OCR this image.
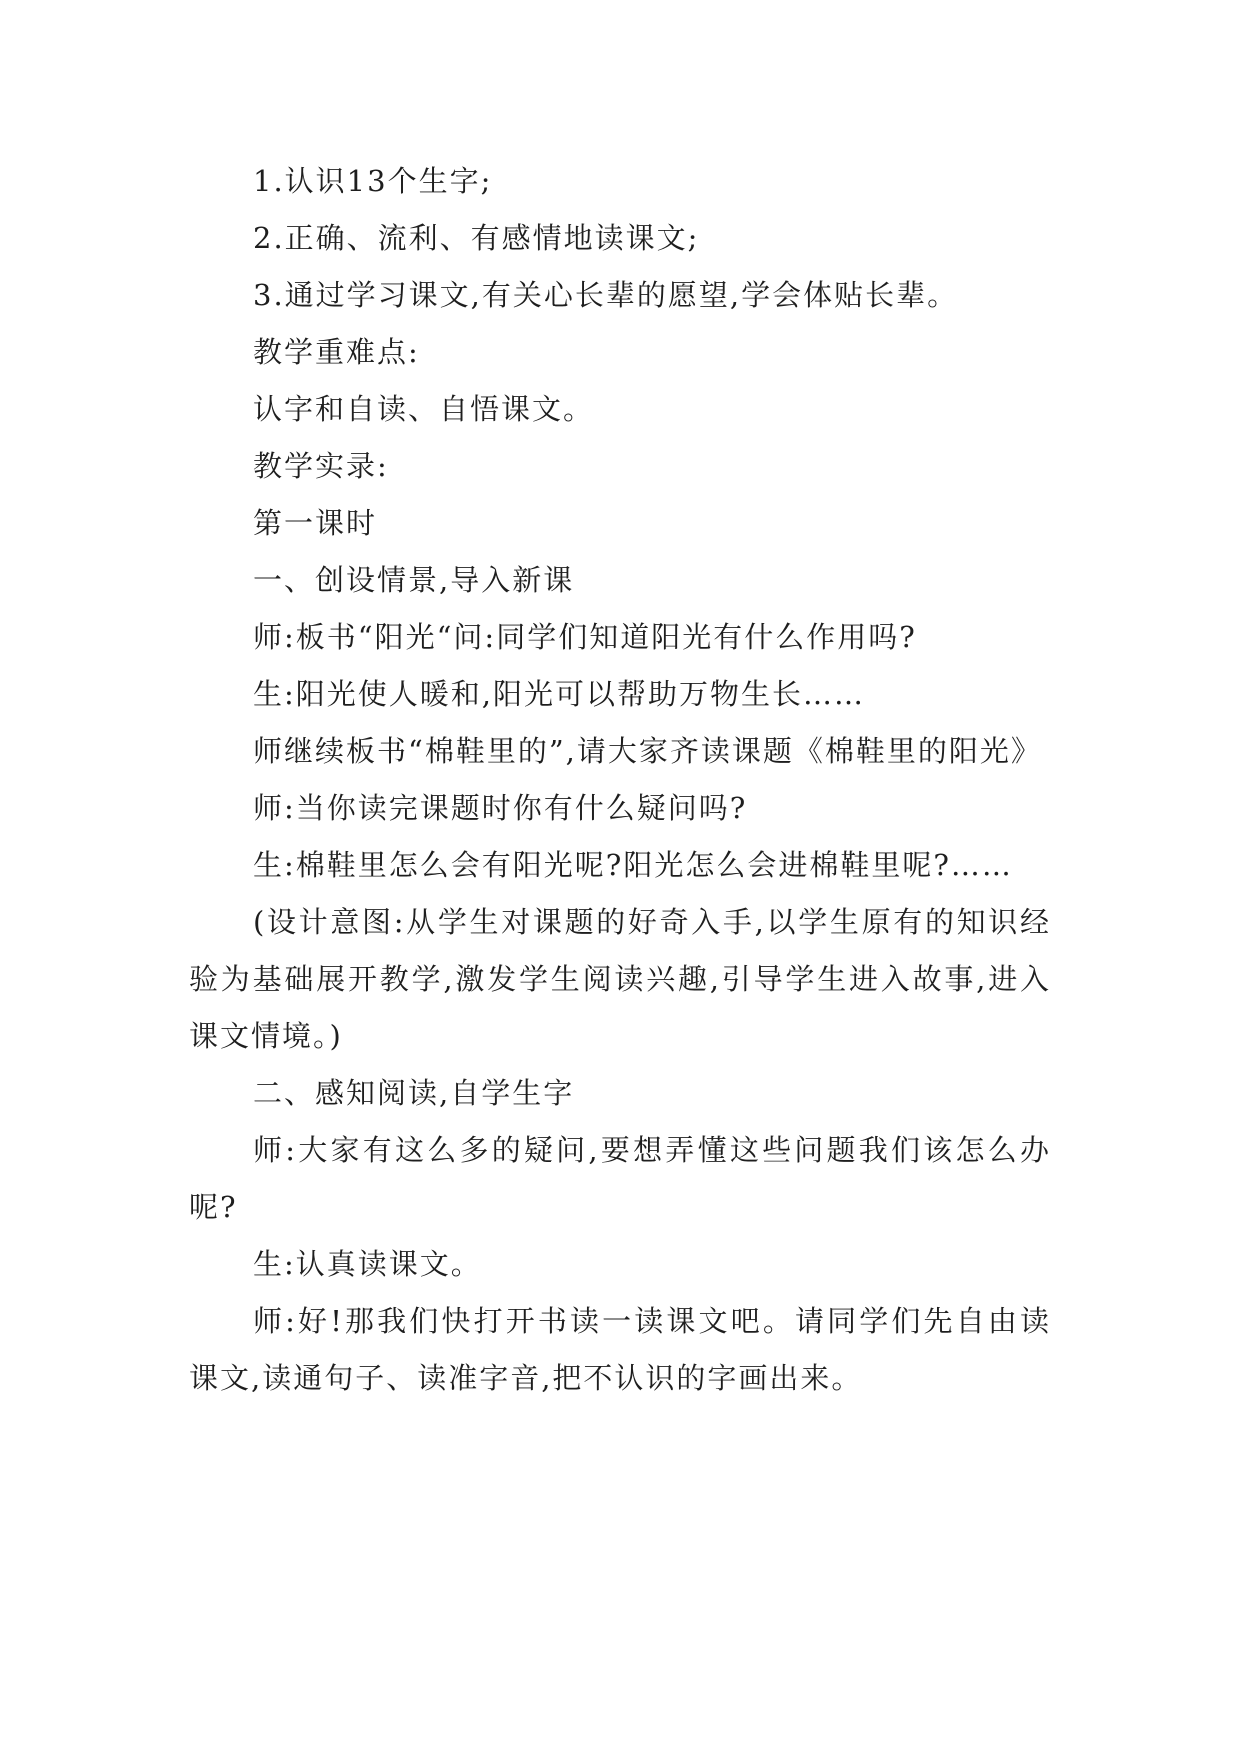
1.认识13个生字;

2.正确、流利、有感情地读课文;

3.通过学习课文,有关心长辈的愿望,学会体贴长辈。

教学重难点:

认字和自读、自悟课文。

教学实录:

第一课时

一、创设情景,导入新课

师:板书“阳光“问:同学们知道阳光有什么作用吗?

生:阳光使人暖和,阳光可以帮助万物生长……

师继续板书“棉鞋里的”,请大家齐读课题《棉鞋里的阳光》

师:当你读完课题时你有什么疑问吗?

生:棉鞋里怎么会有阳光呢?阳光怎么会进棉鞋里呢?……

(设计意图:从学生对课题的好奇入手,以学生原有的知识经验为基础展开教学,激发学生阅读兴趣,引导学生进入故事,进入课文情境。)

二、感知阅读,自学生字

师:大家有这么多的疑问,要想弄懂这些问题我们该怎么办呢?

生:认真读课文。

师:好!那我们快打开书读一读课文吧。请同学们先自由读课文,读通句子、读准字音,把不认识的字画出来。
